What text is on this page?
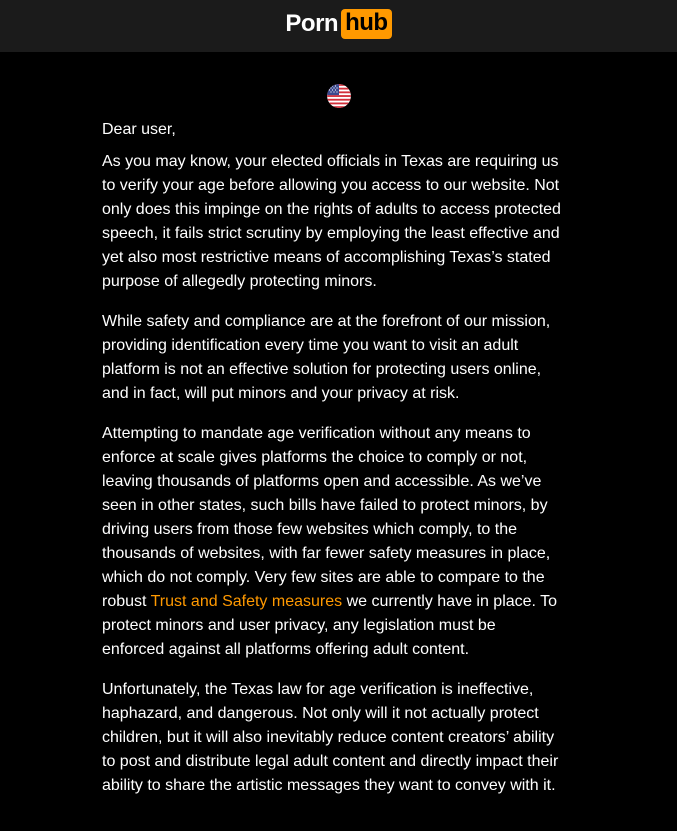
Porn hub

Dear user,

As you may know, your elected officials in Texas are requiring us to verify your age before allowing you access to our website. Not only does this impinge on the rights of adults to access protected speech, it fails strict scrutiny by employing the least effective and yet also most restrictive means of accomplishing Texas’s stated purpose of allegedly protecting minors.

While safety and compliance are at the forefront of our mission, providing identification every time you want to visit an adult platform is not an effective solution for protecting users online, and in fact, will put minors and your privacy at risk.

Attempting to mandate age verification without any means to enforce at scale gives platforms the choice to comply or not, leaving thousands of platforms open and accessible. As we’ve seen in other states, such bills have failed to protect minors, by driving users from those few websites which comply, to the thousands of websites, with far fewer safety measures in place, which do not comply. Very few sites are able to compare to the robust Trust and Safety measures we currently have in place. To protect minors and user privacy, any legislation must be enforced against all platforms offering adult content.

Unfortunately, the Texas law for age verification is ineffective, haphazard, and dangerous. Not only will it not actually protect children, but it will also inevitably reduce content creators’ ability to post and distribute legal adult content and directly impact their ability to share the artistic messages they want to convey with it.
